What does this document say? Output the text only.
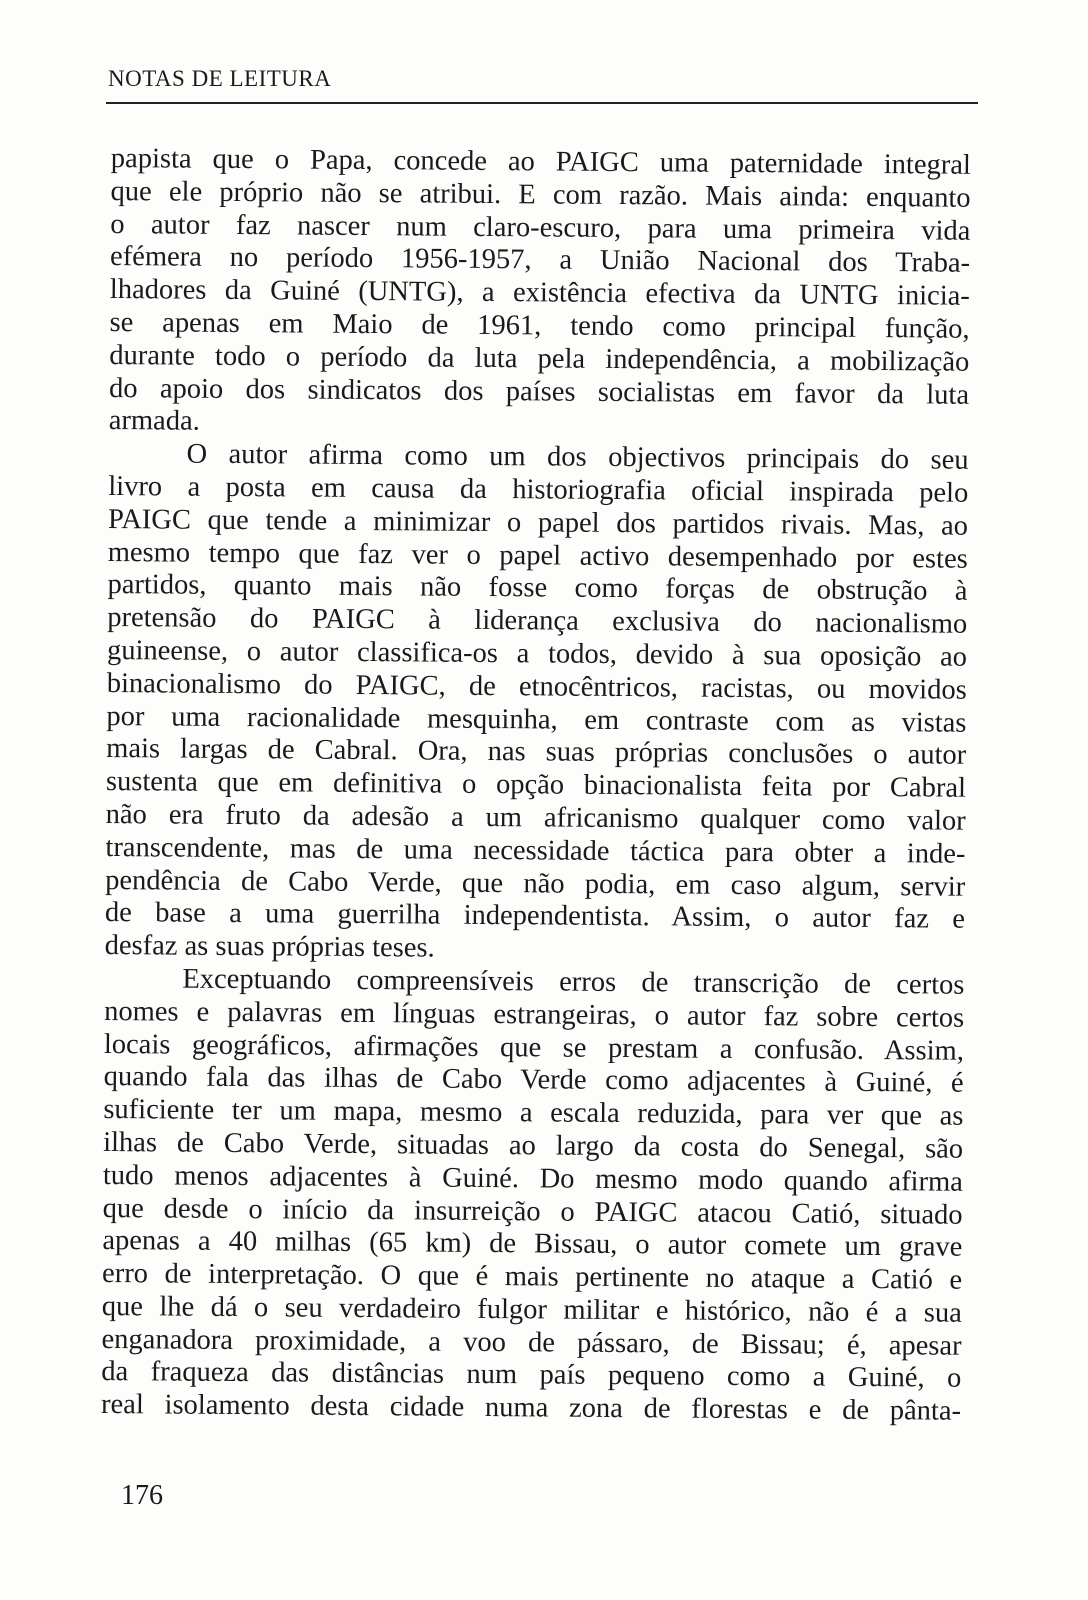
NOTAS DE LEITURA
papista que o Papa, concede ao PAIGC uma paternidade integral
que ele próprio não se atribui. E com razão. Mais ainda: enquanto
o autor faz nascer num claro-escuro, para uma primeira vida
efémera no período 1956-1957, a União Nacional dos Traba-
lhadores da Guiné (UNTG), a existência efectiva da UNTG inicia-
se apenas em Maio de 1961, tendo como principal função,
durante todo o período da luta pela independência, a mobilização
do apoio dos sindicatos dos países socialistas em favor da luta
armada.
O autor afirma como um dos objectivos principais do seu
livro a posta em causa da historiografia oficial inspirada pelo
PAIGC que tende a minimizar o papel dos partidos rivais. Mas, ao
mesmo tempo que faz ver o papel activo desempenhado por estes
partidos, quanto mais não fosse como forças de obstrução à
pretensão do PAIGC à liderança exclusiva do nacionalismo
guineense, o autor classifica-os a todos, devido à sua oposição ao
binacionalismo do PAIGC, de etnocêntricos, racistas, ou movidos
por uma racionalidade mesquinha, em contraste com as vistas
mais largas de Cabral. Ora, nas suas próprias conclusões o autor
sustenta que em definitiva o opção binacionalista feita por Cabral
não era fruto da adesão a um africanismo qualquer como valor
transcendente, mas de uma necessidade táctica para obter a inde-
pendência de Cabo Verde, que não podia, em caso algum, servir
de base a uma guerrilha independentista. Assim, o autor faz e
desfaz as suas próprias teses.
Exceptuando compreensíveis erros de transcrição de certos
nomes e palavras em línguas estrangeiras, o autor faz sobre certos
locais geográficos, afirmações que se prestam a confusão. Assim,
quando fala das ilhas de Cabo Verde como adjacentes à Guiné, é
suficiente ter um mapa, mesmo a escala reduzida, para ver que as
ilhas de Cabo Verde, situadas ao largo da costa do Senegal, são
tudo menos adjacentes à Guiné. Do mesmo modo quando afirma
que desde o início da insurreição o PAIGC atacou Catió, situado
apenas a 40 milhas (65 km) de Bissau, o autor comete um grave
erro de interpretação. O que é mais pertinente no ataque a Catió e
que lhe dá o seu verdadeiro fulgor militar e histórico, não é a sua
enganadora proximidade, a voo de pássaro, de Bissau; é, apesar
da fraqueza das distâncias num país pequeno como a Guiné, o
real isolamento desta cidade numa zona de florestas e de pânta-
176
